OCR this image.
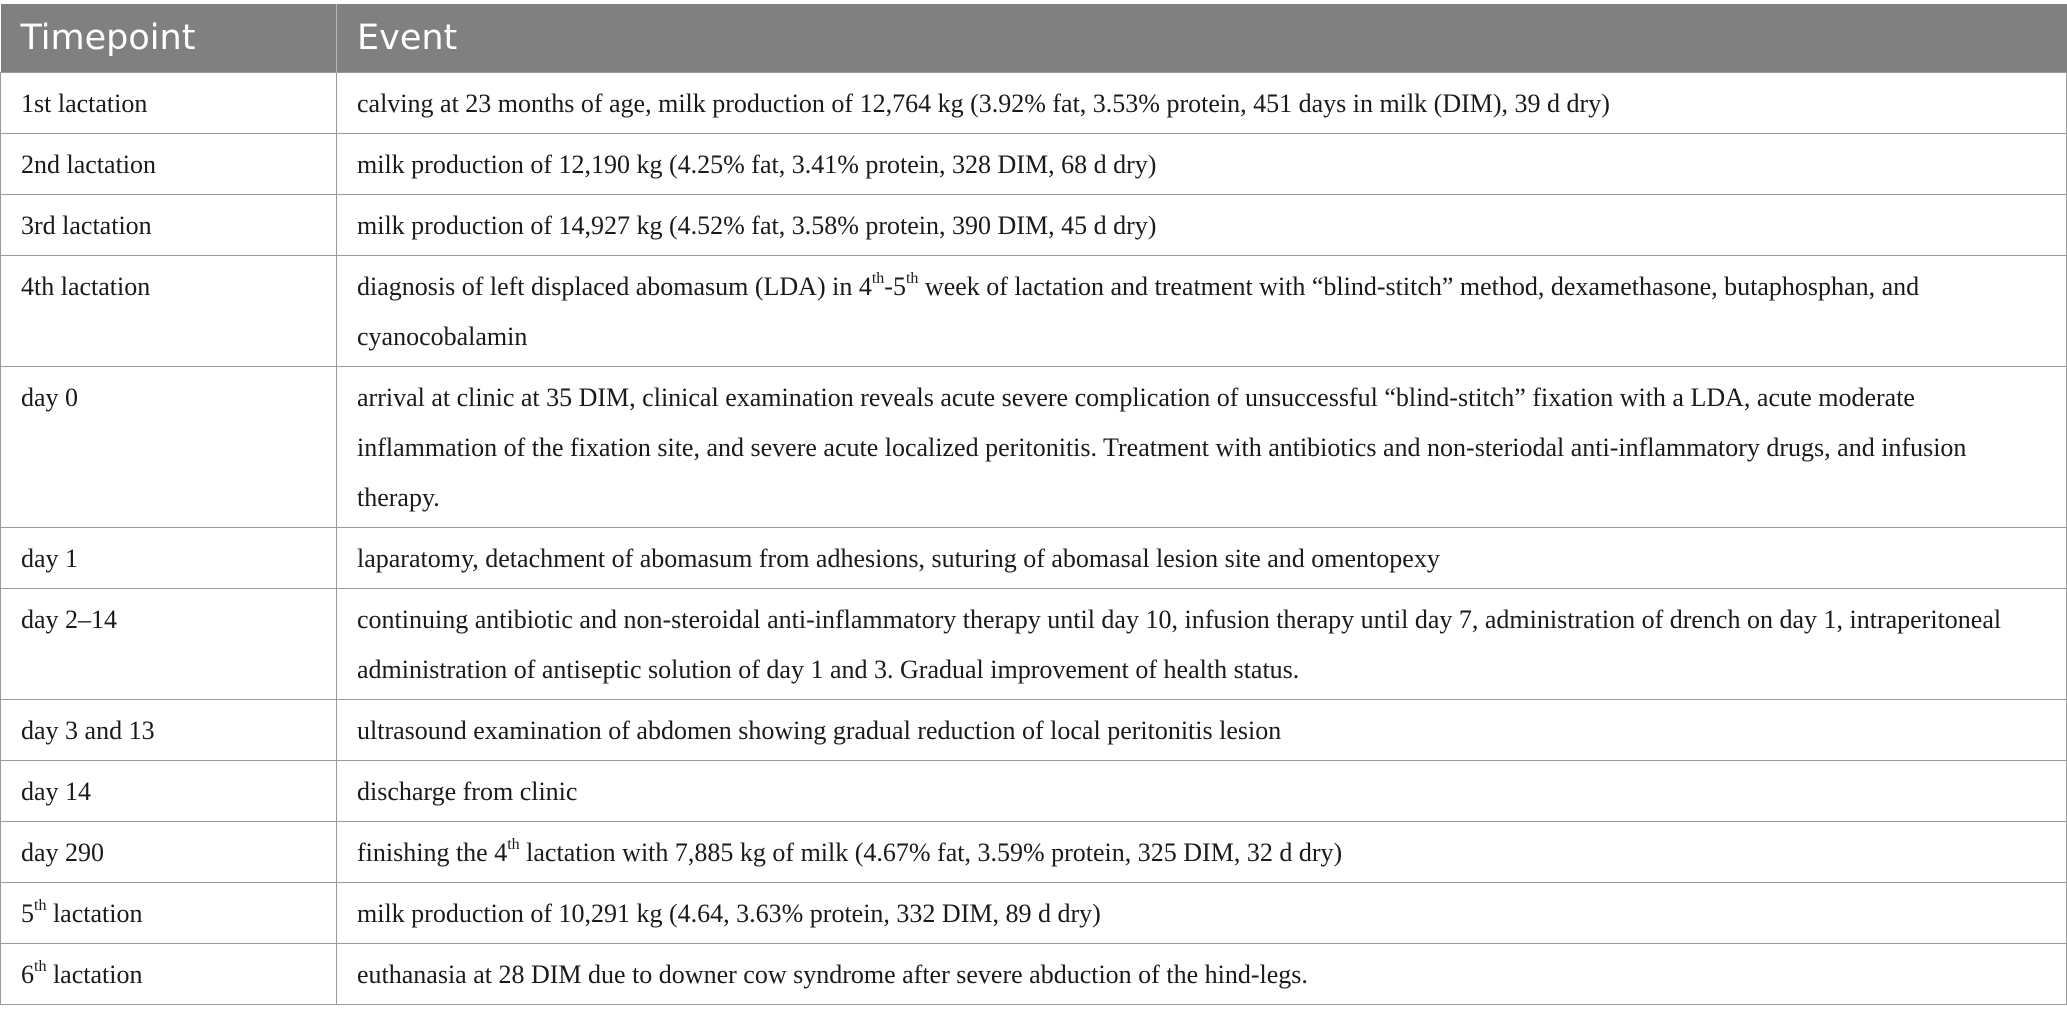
Timepoint	Event
1st lactation	calving at 23 months of age, milk production of 12,764 kg (3.92% fat, 3.53% protein, 451 days in milk (DIM), 39 d dry)
2nd lactation	milk production of 12,190 kg (4.25% fat, 3.41% protein, 328 DIM, 68 d dry)
3rd lactation	milk production of 14,927 kg (4.52% fat, 3.58% protein, 390 DIM, 45 d dry)
4th lactation	diagnosis of left displaced abomasum (LDA) in 4th-5th week of lactation and treatment with “blind-stitch” method, dexamethasone, butaphosphan, and cyanocobalamin
day 0	arrival at clinic at 35 DIM, clinical examination reveals acute severe complication of unsuccessful “blind-stitch” fixation with a LDA, acute moderate inflammation of the fixation site, and severe acute localized peritonitis. Treatment with antibiotics and non-steriodal anti-inflammatory drugs, and infusion therapy.
day 1	laparatomy, detachment of abomasum from adhesions, suturing of abomasal lesion site and omentopexy
day 2–14	continuing antibiotic and non-steroidal anti-inflammatory therapy until day 10, infusion therapy until day 7, administration of drench on day 1, intraperitoneal administration of antiseptic solution of day 1 and 3. Gradual improvement of health status.
day 3 and 13	ultrasound examination of abdomen showing gradual reduction of local peritonitis lesion
day 14	discharge from clinic
day 290	finishing the 4th lactation with 7,885 kg of milk (4.67% fat, 3.59% protein, 325 DIM, 32 d dry)
5th lactation	milk production of 10,291 kg (4.64, 3.63% protein, 332 DIM, 89 d dry)
6th lactation	euthanasia at 28 DIM due to downer cow syndrome after severe abduction of the hind-legs.
